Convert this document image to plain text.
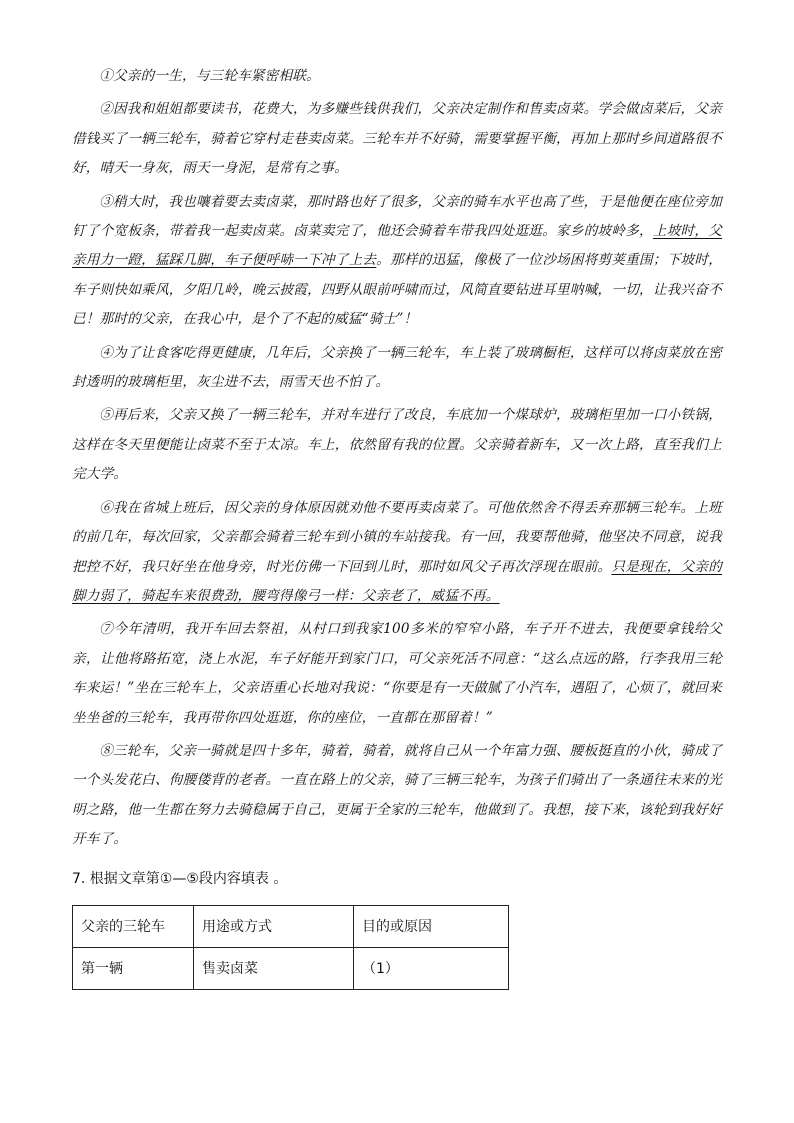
①父亲的一生，与三轮车紧密相联。

②因我和姐姐都要读书，花费大，为多赚些钱供我们，父亲决定制作和售卖卤菜。学会做卤菜后，父亲借钱买了一辆三轮车，骑着它穿村走巷卖卤菜。三轮车并不好骑，需要掌握平衡，再加上那时乡间道路很不好，晴天一身灰，雨天一身泥，是常有之事。

③稍大时，我也嚷着要去卖卤菜，那时路也好了很多，父亲的骑车水平也高了些，于是他便在座位旁加钉了个宽板条，带着我一起卖卤菜。卤菜卖完了，他还会骑着车带我四处逛逛。家乡的坡岭多，上坡时，父亲用力一蹬，猛踩几脚，车子便呼哧一下冲了上去。那样的迅猛，像极了一位沙场困将剪荚重围；下坡时，车子则快如乘风，夕阳几岭，晚云披霞，四野从眼前呼啸而过，风简直要钻进耳里呐喊，一切，让我兴奋不已！那时的父亲，在我心中，是个了不起的威猛“骑士”！

④为了让食客吃得更健康，几年后，父亲换了一辆三轮车，车上装了玻璃橱柜，这样可以将卤菜放在密封透明的玻璃柜里，灰尘进不去，雨雪天也不怕了。

⑤再后来，父亲又换了一辆三轮车，并对车进行了改良，车底加一个煤球炉，玻璃柜里加一口小铁锅，这样在冬天里便能让卤菜不至于太凉。车上，依然留有我的位置。父亲骑着新车，又一次上路，直至我们上完大学。

⑥我在省城上班后，因父亲的身体原因就劝他不要再卖卤菜了。可他依然舍不得丢弃那辆三轮车。上班的前几年，每次回家，父亲都会骑着三轮车到小镇的车站接我。有一回，我要帮他骑，他坚决不同意，说我把控不好，我只好坐在他身旁，时光仿佛一下回到儿时，那时如风父子再次浮现在眼前。只是现在，父亲的脚力弱了，骑起车来很费劲，腰弯得像弓一样：父亲老了，威猛不再。

⑦今年清明，我开车回去祭祖，从村口到我家100多米的窄窄小路，车子开不进去，我便要拿钱给父亲，让他将路拓宽，浇上水泥，车子好能开到家门口，可父亲死活不同意：“这么点远的路，行李我用三轮车来运！”坐在三轮车上，父亲语重心长地对我说：“你要是有一天做腻了小汽车，遇阻了，心烦了，就回来坐坐爸的三轮车，我再带你四处逛逛，你的座位，一直都在那留着！”

⑧三轮车，父亲一骑就是四十多年，骑着，骑着，就将自己从一个年富力强、腰板挺直的小伙，骑成了一个头发花白、佝腰偻背的老者。一直在路上的父亲，骑了三辆三轮车，为孩子们骑出了一条通往未来的光明之路，他一生都在努力去骑稳属于自己，更属于全家的三轮车，他做到了。我想，接下来，该轮到我好好开车了。

7. 根据文章第①—⑤段内容填表 。

父亲的三轮车	用途或方式	目的或原因
第一辆	售卖卤菜	（1）
